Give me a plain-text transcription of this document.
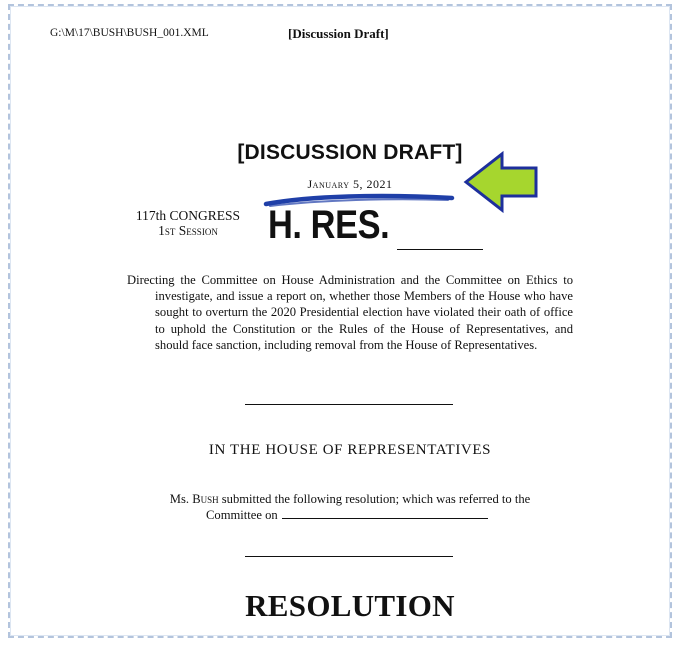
G:\M\17\BUSH\BUSH_001.XML	[Discussion Draft]
[DISCUSSION DRAFT]
January 5, 2021
117th CONGRESS
1st Session	H. RES.

Directing the Committee on House Administration and the Committee on Ethics to investigate, and issue a report on, whether those Members of the House who have sought to overturn the 2020 Presidential election have violated their oath of office to uphold the Constitution or the Rules of the House of Representatives, and should face sanction, including removal from the House of Representatives.

IN THE HOUSE OF REPRESENTATIVES
Ms. Bush submitted the following resolution; which was referred to the
Committee on
RESOLUTION
